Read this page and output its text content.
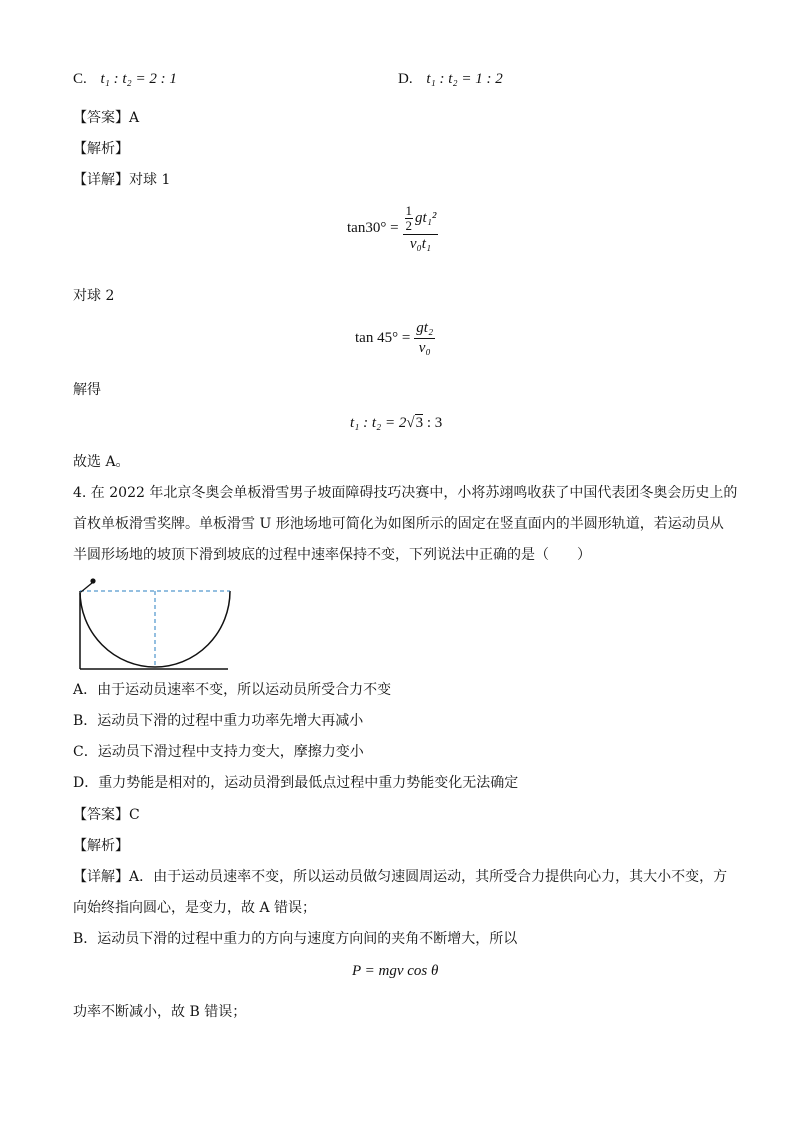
C. t₁ : t₂ = 2 : 1	D. t₁ : t₂ = 1 : 2
【答案】A
【解析】
【详解】对球 1
tan30° = 1
2 gt₁²
v₀t₁
对球 2
$\tan 45^\circ = \frac{\text{gt₂}}{\text{v₀}}$
解得
t₁ : t₂ = 2√3 : 3
故选 A。
4. 在 2022 年北京冬奥会单板滑雪男子坡面障碍技巧决赛中，小将苏翊鸣收获了中国代表团冬奥会历史上的
首枚单板滑雪奖牌。单板滑雪 U 形池场地可简化为如图所示的固定在竖直面内的半圆形轨道，若运动员从
半圆形场地的坡顶下滑到坡底的过程中速率保持不变，下列说法中正确的是（　　）
A．由于运动员速率不变，所以运动员所受合力不变
B．运动员下滑的过程中重力功率先增大再减小
C．运动员下滑过程中支持力变大，摩擦力变小
D．重力势能是相对的，运动员滑到最低点过程中重力势能变化无法确定
【答案】C
【解析】
【详解】A．由于运动员速率不变，所以运动员做匀速圆周运动，其所受合力提供向心力，其大小不变，方
向始终指向圆心，是变力，故 A 错误；
B．运动员下滑的过程中重力的方向与速度方向间的夹角不断增大，所以
P = mgv cos θ
功率不断减小，故 B 错误；
